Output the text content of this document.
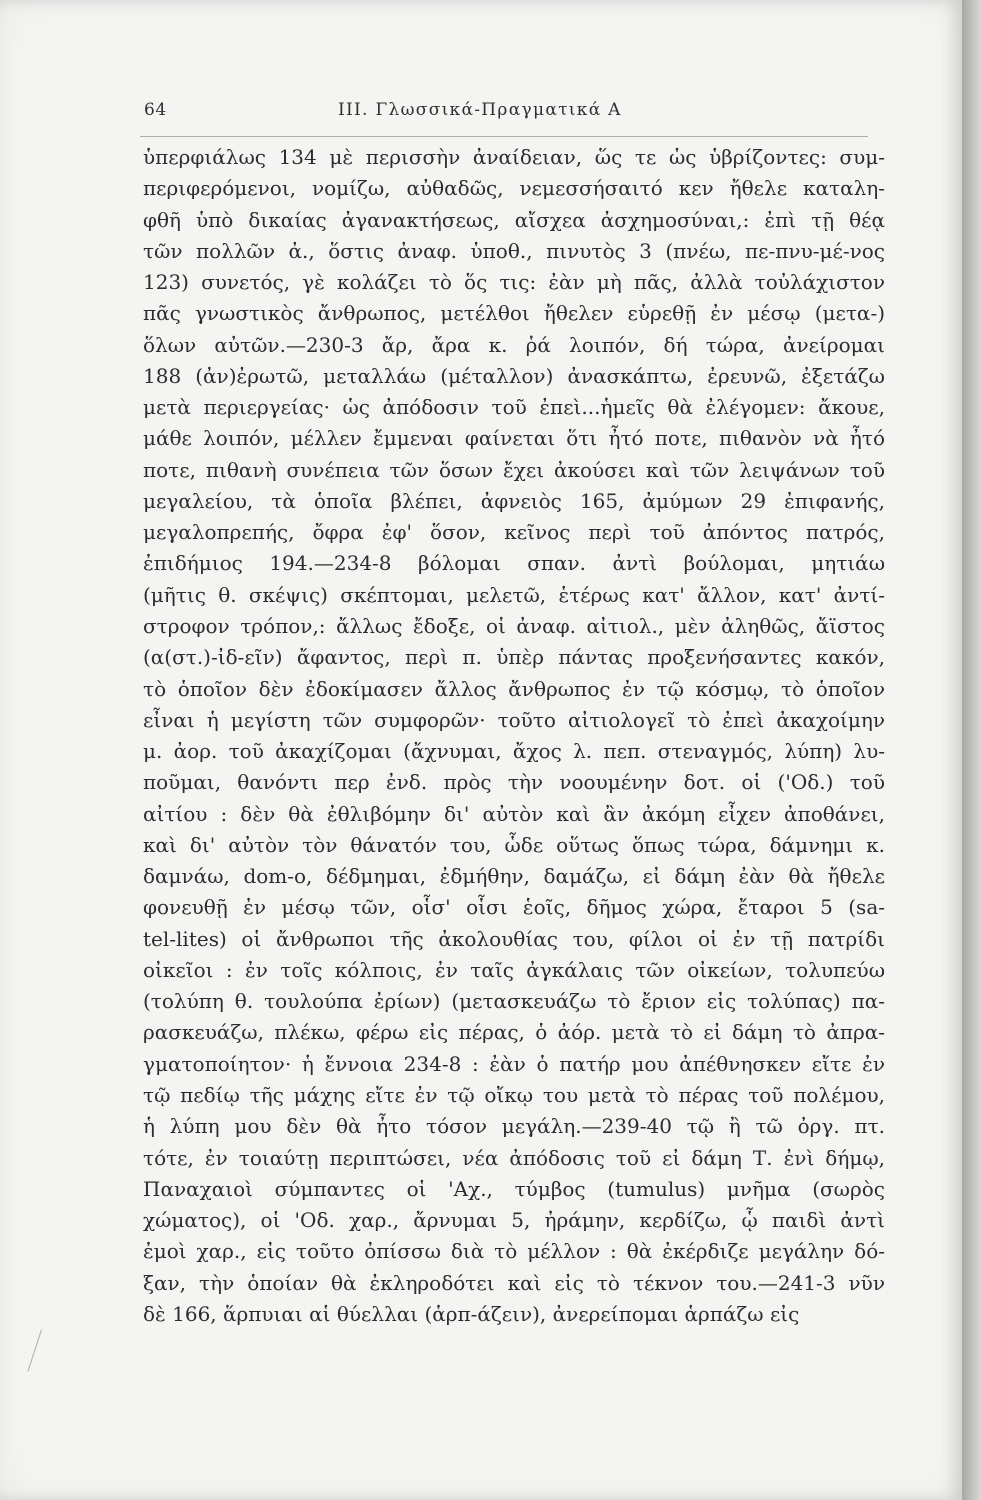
64	III. Γλωσσικά-Πραγματικά Α
ὑπερφιάλως 134 μὲ περισσὴν ἀναίδειαν, ὥς τε ὡς ὑβρίζοντες: συμ-
περιφερόμενοι, νομίζω, αὐθαδῶς, νεμεσσήσαιτό κεν ἤθελε καταλη-
φθῆ ὑπὸ δικαίας ἀγανακτήσεως, αἴσχεα ἀσχημοσύναι,: ἐπὶ τῇ θέᾳ
τῶν πολλῶν ἀ., ὅστις ἀναφ. ὑποθ., πινυτὸς 3 (πνέω, πε-πνυ-μέ-νος
123) συνετός, γὲ κολάζει τὸ ὅς τις: ἐὰν μὴ πᾶς, ἀλλὰ τοὐλάχιστον
πᾶς γνωστικὸς ἄνθρωπος, μετέλθοι ἤθελεν εὑρεθῇ ἐν μέσῳ (μετα-)
ὅλων αὐτῶν.—230-3 ἄρ, ἄρα κ. ῥά λοιπόν, δή τώρα, ἀνείρομαι
188 (ἀν)ἐρωτῶ, μεταλλάω (μέταλλον) ἀνασκάπτω, ἐρευνῶ, ἐξετάζω
μετὰ περιεργείας· ὡς ἀπόδοσιν τοῦ ἐπεὶ...ἡμεῖς θὰ ἐλέγομεν: ἄκουε,
μάθε λοιπόν, μέλλεν ἔμμεναι φαίνεται ὅτι ἦτό ποτε, πιθανὸν νὰ ἦτό
ποτε, πιθανὴ συνέπεια τῶν ὅσων ἔχει ἀκούσει καὶ τῶν λειψάνων τοῦ
μεγαλείου, τὰ ὁποῖα βλέπει, ἀφνειὸς 165, ἀμύμων 29 ἐπιφανής,
μεγαλοπρεπής, ὄφρα ἐφ' ὅσον, κεῖνος περὶ τοῦ ἀπόντος πατρός,
ἐπιδήμιος 194.—234-8 βόλομαι σπαν. ἀντὶ βούλομαι, μητιάω
(μῆτις θ. σκέψις) σκέπτομαι, μελετῶ, ἑτέρως κατ' ἄλλον, κατ' ἀντί-
στροφον τρόπον,: ἄλλως ἔδοξε, οἱ ἀναφ. αἰτιολ., μὲν ἀληθῶς, ἄϊστος
(α(στ.)-ἰδ-εῖν) ἄφαντος, περὶ π. ὑπὲρ πάντας προξενήσαντες κακόν,
τὸ ὁποῖον δὲν ἐδοκίμασεν ἄλλος ἄνθρωπος ἐν τῷ κόσμῳ, τὸ ὁποῖον
εἶναι ἡ μεγίστη τῶν συμφορῶν· τοῦτο αἰτιολογεῖ τὸ ἐπεὶ ἀκαχοίμην
μ. ἀορ. τοῦ ἀκαχίζομαι (ἄχνυμαι, ἄχος λ. πεπ. στεναγμός, λύπη) λυ-
ποῦμαι, θανόντι περ ἐνδ. πρὸς τὴν νοουμένην δοτ. οἱ ('Οδ.) τοῦ
αἰτίου : δὲν θὰ ἐθλιβόμην δι' αὐτὸν καὶ ἂν ἀκόμη εἶχεν ἀποθάνει,
καὶ δι' αὐτὸν τὸν θάνατόν του, ὧδε οὕτως ὅπως τώρα, δάμνημι κ.
δαμνάω, dom-o, δέδμημαι, ἐδμήθην, δαμάζω, εἰ δάμη ἐὰν θὰ ἤθελε
φονευθῇ ἐν μέσῳ τῶν, οἷσ' οἷσι ἑοῖς, δῆμος χώρα, ἔταροι 5 (sa-
tel-lites) οἱ ἄνθρωποι τῆς ἀκολουθίας του, φίλοι οἱ ἐν τῇ πατρίδι
οἰκεῖοι : ἐν τοῖς κόλποις, ἐν ταῖς ἀγκάλαις τῶν οἰκείων, τολυπεύω
(τολύπη θ. τουλούπα ἐρίων) (μετασκευάζω τὸ ἔριον εἰς τολύπας) πα-
ρασκευάζω, πλέκω, φέρω εἰς πέρας, ὁ ἀόρ. μετὰ τὸ εἰ δάμη τὸ ἀπρα-
γματοποίητον· ἡ ἔννοια 234-8 : ἐὰν ὁ πατήρ μου ἀπέθνησκεν εἴτε ἐν
τῷ πεδίῳ τῆς μάχης εἴτε ἐν τῷ οἴκῳ του μετὰ τὸ πέρας τοῦ πολέμου,
ἡ λύπη μου δὲν θὰ ἦτο τόσον μεγάλη.—239-40 τῷ ἢ τῶ ὀργ. πτ.
τότε, ἐν τοιαύτῃ περιπτώσει, νέα ἀπόδοσις τοῦ εἰ δάμη Τ. ἐνὶ δήμῳ,
Παναχαιοὶ σύμπαντες οἱ 'Αχ., τύμβος (tumulus) μνῆμα (σωρὸς
χώματος), οἱ 'Οδ. χαρ., ἄρνυμαι 5, ἠράμην, κερδίζω, ᾧ παιδὶ ἀντὶ
ἐμοὶ χαρ., εἰς τοῦτο ὀπίσσω διὰ τὸ μέλλον : θὰ ἐκέρδιζε μεγάλην δό-
ξαν, τὴν ὁποίαν θὰ ἐκληροδότει καὶ εἰς τὸ τέκνον του.—241-3 νῦν
δὲ 166, ἅρπυιαι αἱ θύελλαι (ἁρπ-άζειν), ἀνερείπομαι ἁρπάζω εἰς
